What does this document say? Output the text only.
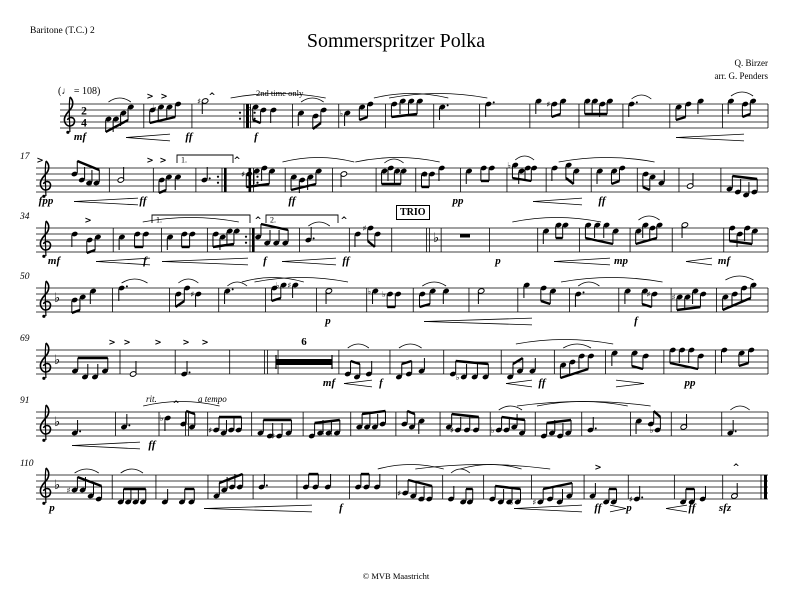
Baritone (T.C.) 2	Sommerspritzer Polka
Q. Birzer
arr. G. Penders
2
4
♭
♯
♭
♭
♯
> >	^
♭
♯	♭
♭
1.
>	> >	^
♭
♯
1.	2.
>	^	^
♭	♯
♭ ♯
♭
♭	♯	♯
♭
♭
6
> >	> > >
♭	♭
♯
♯	♯ ♭
♯	♯	♭	♭
^
♭ ♯	♯
♯	♭ ♯	♯
>	^
mf	ff	f
(♩ = 108)	2nd time only
17
fpp	ff	ff	pp	ff
34
mf	f	f	ff	p	mp	mf
TRIO
50
p	f
69
mf	f	ff	pp
91
ff
rit.	a tempo
110
p	f	ff p	ff sfz
© MVB Maastricht
